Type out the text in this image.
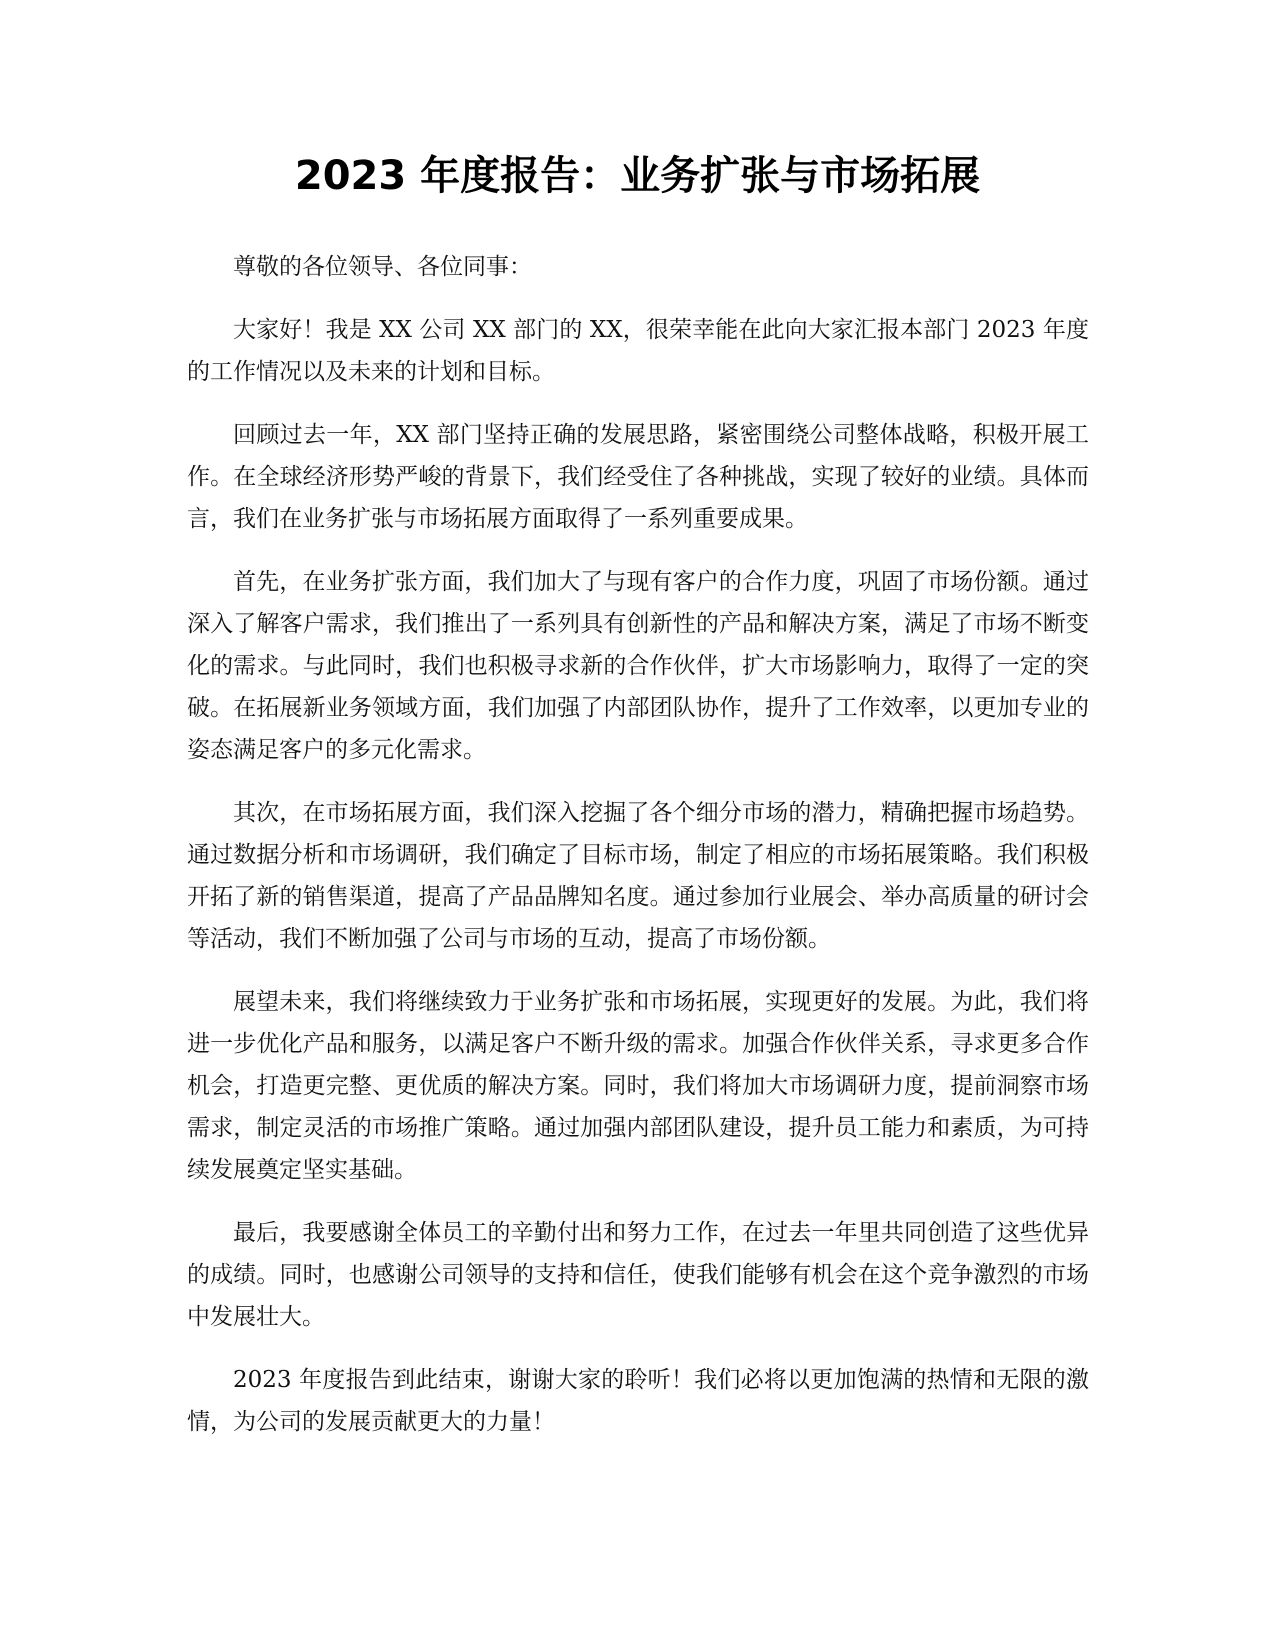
2023 年度报告：业务扩张与市场拓展

尊敬的各位领导、各位同事：

大家好！我是 XX 公司 XX 部门的 XX，很荣幸能在此向大家汇报本部门 2023 年度的工作情况以及未来的计划和目标。

回顾过去一年，XX 部门坚持正确的发展思路，紧密围绕公司整体战略，积极开展工作。在全球经济形势严峻的背景下，我们经受住了各种挑战，实现了较好的业绩。具体而言，我们在业务扩张与市场拓展方面取得了一系列重要成果。

首先，在业务扩张方面，我们加大了与现有客户的合作力度，巩固了市场份额。通过深入了解客户需求，我们推出了一系列具有创新性的产品和解决方案，满足了市场不断变化的需求。与此同时，我们也积极寻求新的合作伙伴，扩大市场影响力，取得了一定的突破。在拓展新业务领域方面，我们加强了内部团队协作，提升了工作效率，以更加专业的姿态满足客户的多元化需求。

其次，在市场拓展方面，我们深入挖掘了各个细分市场的潜力，精确把握市场趋势。通过数据分析和市场调研，我们确定了目标市场，制定了相应的市场拓展策略。我们积极开拓了新的销售渠道，提高了产品品牌知名度。通过参加行业展会、举办高质量的研讨会等活动，我们不断加强了公司与市场的互动，提高了市场份额。

展望未来，我们将继续致力于业务扩张和市场拓展，实现更好的发展。为此，我们将进一步优化产品和服务，以满足客户不断升级的需求。加强合作伙伴关系，寻求更多合作机会，打造更完整、更优质的解决方案。同时，我们将加大市场调研力度，提前洞察市场需求，制定灵活的市场推广策略。通过加强内部团队建设，提升员工能力和素质，为可持续发展奠定坚实基础。

最后，我要感谢全体员工的辛勤付出和努力工作，在过去一年里共同创造了这些优异的成绩。同时，也感谢公司领导的支持和信任，使我们能够有机会在这个竞争激烈的市场中发展壮大。

2023 年度报告到此结束，谢谢大家的聆听！我们必将以更加饱满的热情和无限的激情，为公司的发展贡献更大的力量！
